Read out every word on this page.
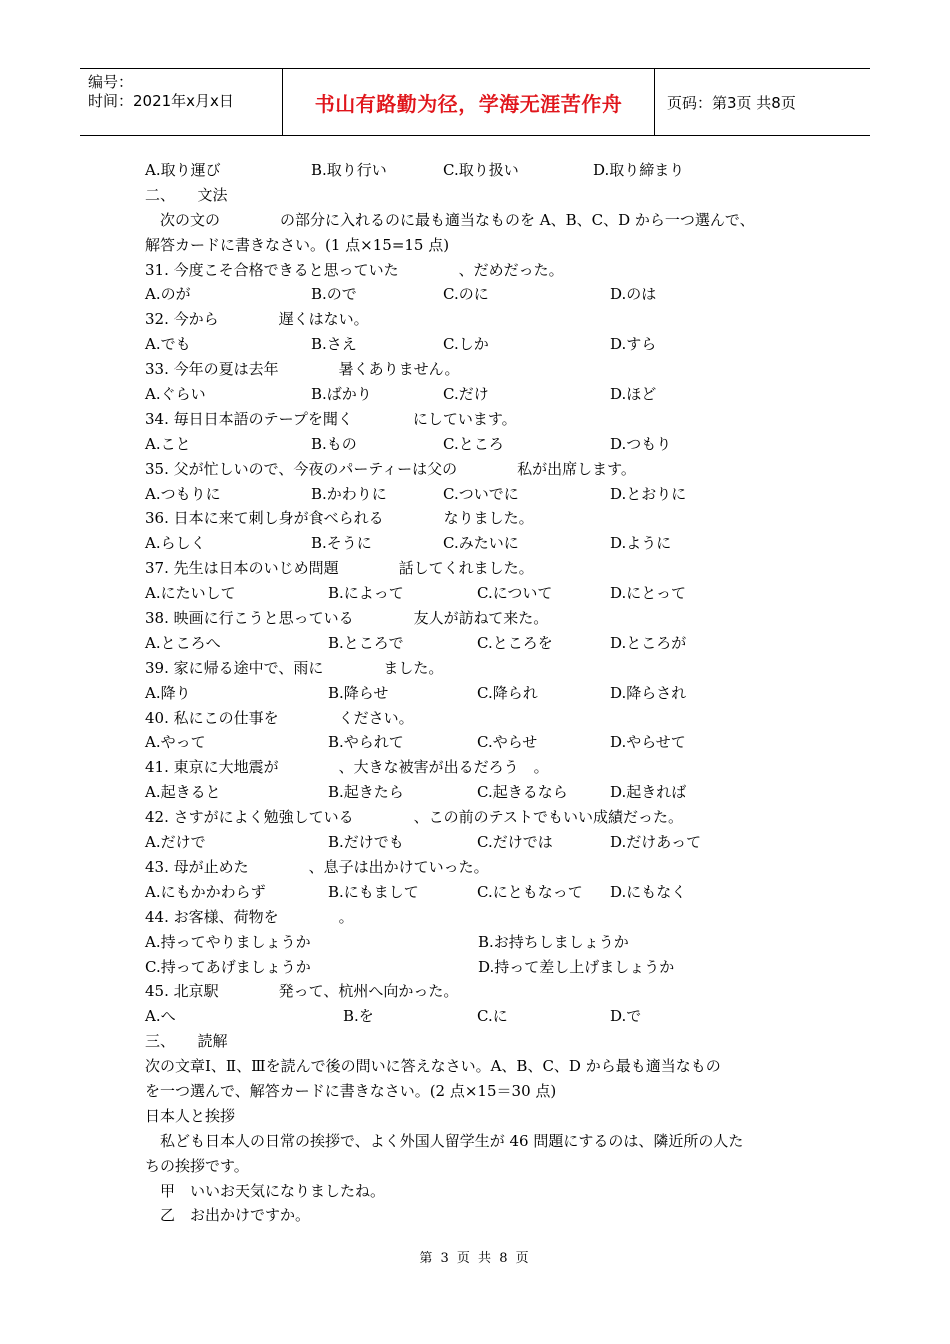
编号：
时间：2021年x月x日	书山有路勤为径，学海无涯苦作舟	页码：第3页 共8页
A.取り運び	B.取り行い	C.取り扱い	D.取り締まり
二、　　文法
　次の文の　　　　の部分に入れるのに最も適当なものを A、B、C、D から一つ選んで、
解答カードに書きなさい。(1 点×15=15 点)
31. 今度こそ合格できると思っていた　　　　、だめだった。
A.のが	B.ので	C.のに	D.のは
32. 今から　　　　遅くはない。
A.でも	B.さえ	C.しか	D.すら
33. 今年の夏は去年　　　　暑くありません。
A.ぐらい	B.ばかり	C.だけ	D.ほど
34. 毎日日本語のテープを聞く　　　　にしています。
A.こと	B.もの	C.ところ	D.つもり
35. 父が忙しいので、今夜のパーティーは父の　　　　私が出席します。
A.つもりに	B.かわりに	C.ついでに	D.とおりに
36. 日本に来て刺し身が食べられる　　　　なりました。
A.らしく	B.そうに	C.みたいに	D.ように
37. 先生は日本のいじめ問題　　　　話してくれました。
A.にたいして	B.によって	C.について	D.にとって
38. 映画に行こうと思っている　　　　友人が訪ねて来た。
A.ところへ	B.ところで	C.ところを	D.ところが
39. 家に帰る途中で、雨に　　　　ました。
A.降り	B.降らせ	C.降られ	D.降らされ
40. 私にこの仕事を　　　　ください。
A.やって	B.やられて	C.やらせ	D.やらせて
41. 東京に大地震が　　　　、大きな被害が出るだろう　。
A.起きると	B.起きたら	C.起きるなら	D.起きれば
42. さすがによく勉強している　　　　、この前のテストでもいい成績だった。
A.だけで	B.だけでも	C.だけでは	D.だけあって
43. 母が止めた　　　　、息子は出かけていった。
A.にもかかわらず	B.にもまして	C.にともなって D.にもなく
44. お客様、荷物を　　　　。
A.持ってやりましょうか	B.お持ちしましょうか
C.持ってあげましょうか	D.持って差し上げましょうか
45. 北京駅　　　　発って、杭州へ向かった。
A.へ	B.を	C.に	D.で
三、　　読解
次の文章Ⅰ、Ⅱ、Ⅲを読んで後の問いに答えなさい。A、B、C、D から最も適当なもの
を一つ選んで、解答カードに書きなさい。(2 点×15＝30 点)
日本人と挨拶
　私ども日本人の日常の挨拶で、よく外国人留学生が 46 問題にするのは、隣近所の人た
ちの挨拶です。
　甲　いいお天気になりましたね。
　乙　お出かけですか。
第 3 页 共 8 页
